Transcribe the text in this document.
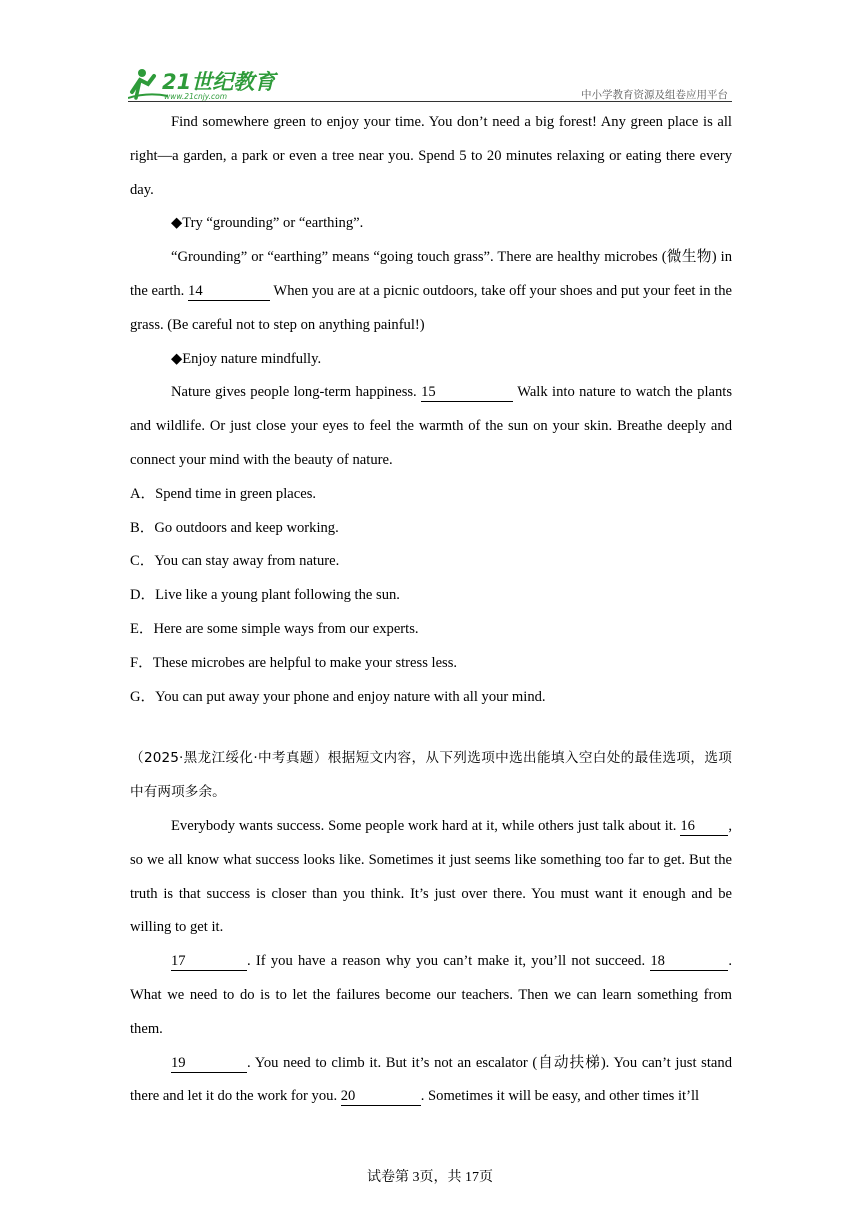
21世纪教育
www.21cnjy.com	中小学教育资源及组卷应用平台

Find somewhere green to enjoy your time. You don’t need a big forest! Any green place is all right—a garden, a park or even a tree near you. Spend 5 to 20 minutes relaxing or eating there every day.

◆Try “grounding” or “earthing”.

“Grounding” or “earthing” means “going touch grass”. There are healthy microbes (微生物) in the earth. 14	When you are at a picnic outdoors, take off your shoes and put your feet in the grass. (Be careful not to step on anything painful!)

◆Enjoy nature mindfully.

Nature gives people long-term happiness. 15	Walk into nature to watch the plants and wildlife. Or just close your eyes to feel the warmth of the sun on your skin. Breathe deeply and connect your mind with the beauty of nature.

A．Spend time in green places.

B．Go outdoors and keep working.

C．You can stay away from nature.

D．Live like a young plant following the sun.

E．Here are some simple ways from our experts.

F．These microbes are helpful to make your stress less.

G．You can put away your phone and enjoy nature with all your mind.

（2025·黑龙江绥化·中考真题）根据短文内容，从下列选项中选出能填入空白处的最佳选项，选项中有两项多余。

Everybody wants success. Some people work hard at it, while others just talk about it. 16 , so we all know what success looks like. Sometimes it just seems like something too far to get. But the truth is that success is closer than you think. It’s just over there. You must want it enough and be willing to get it.

17	. If you have a reason why you can’t make it, you’ll not succeed. 18	. What we need to do is to let the failures become our teachers. Then we can learn something from them.

19	. You need to climb it. But it’s not an escalator (自动扶梯). You can’t just stand there and let it do the work for you. 20	. Sometimes it will be easy, and other times it’ll

试卷第 3页，共 17页
